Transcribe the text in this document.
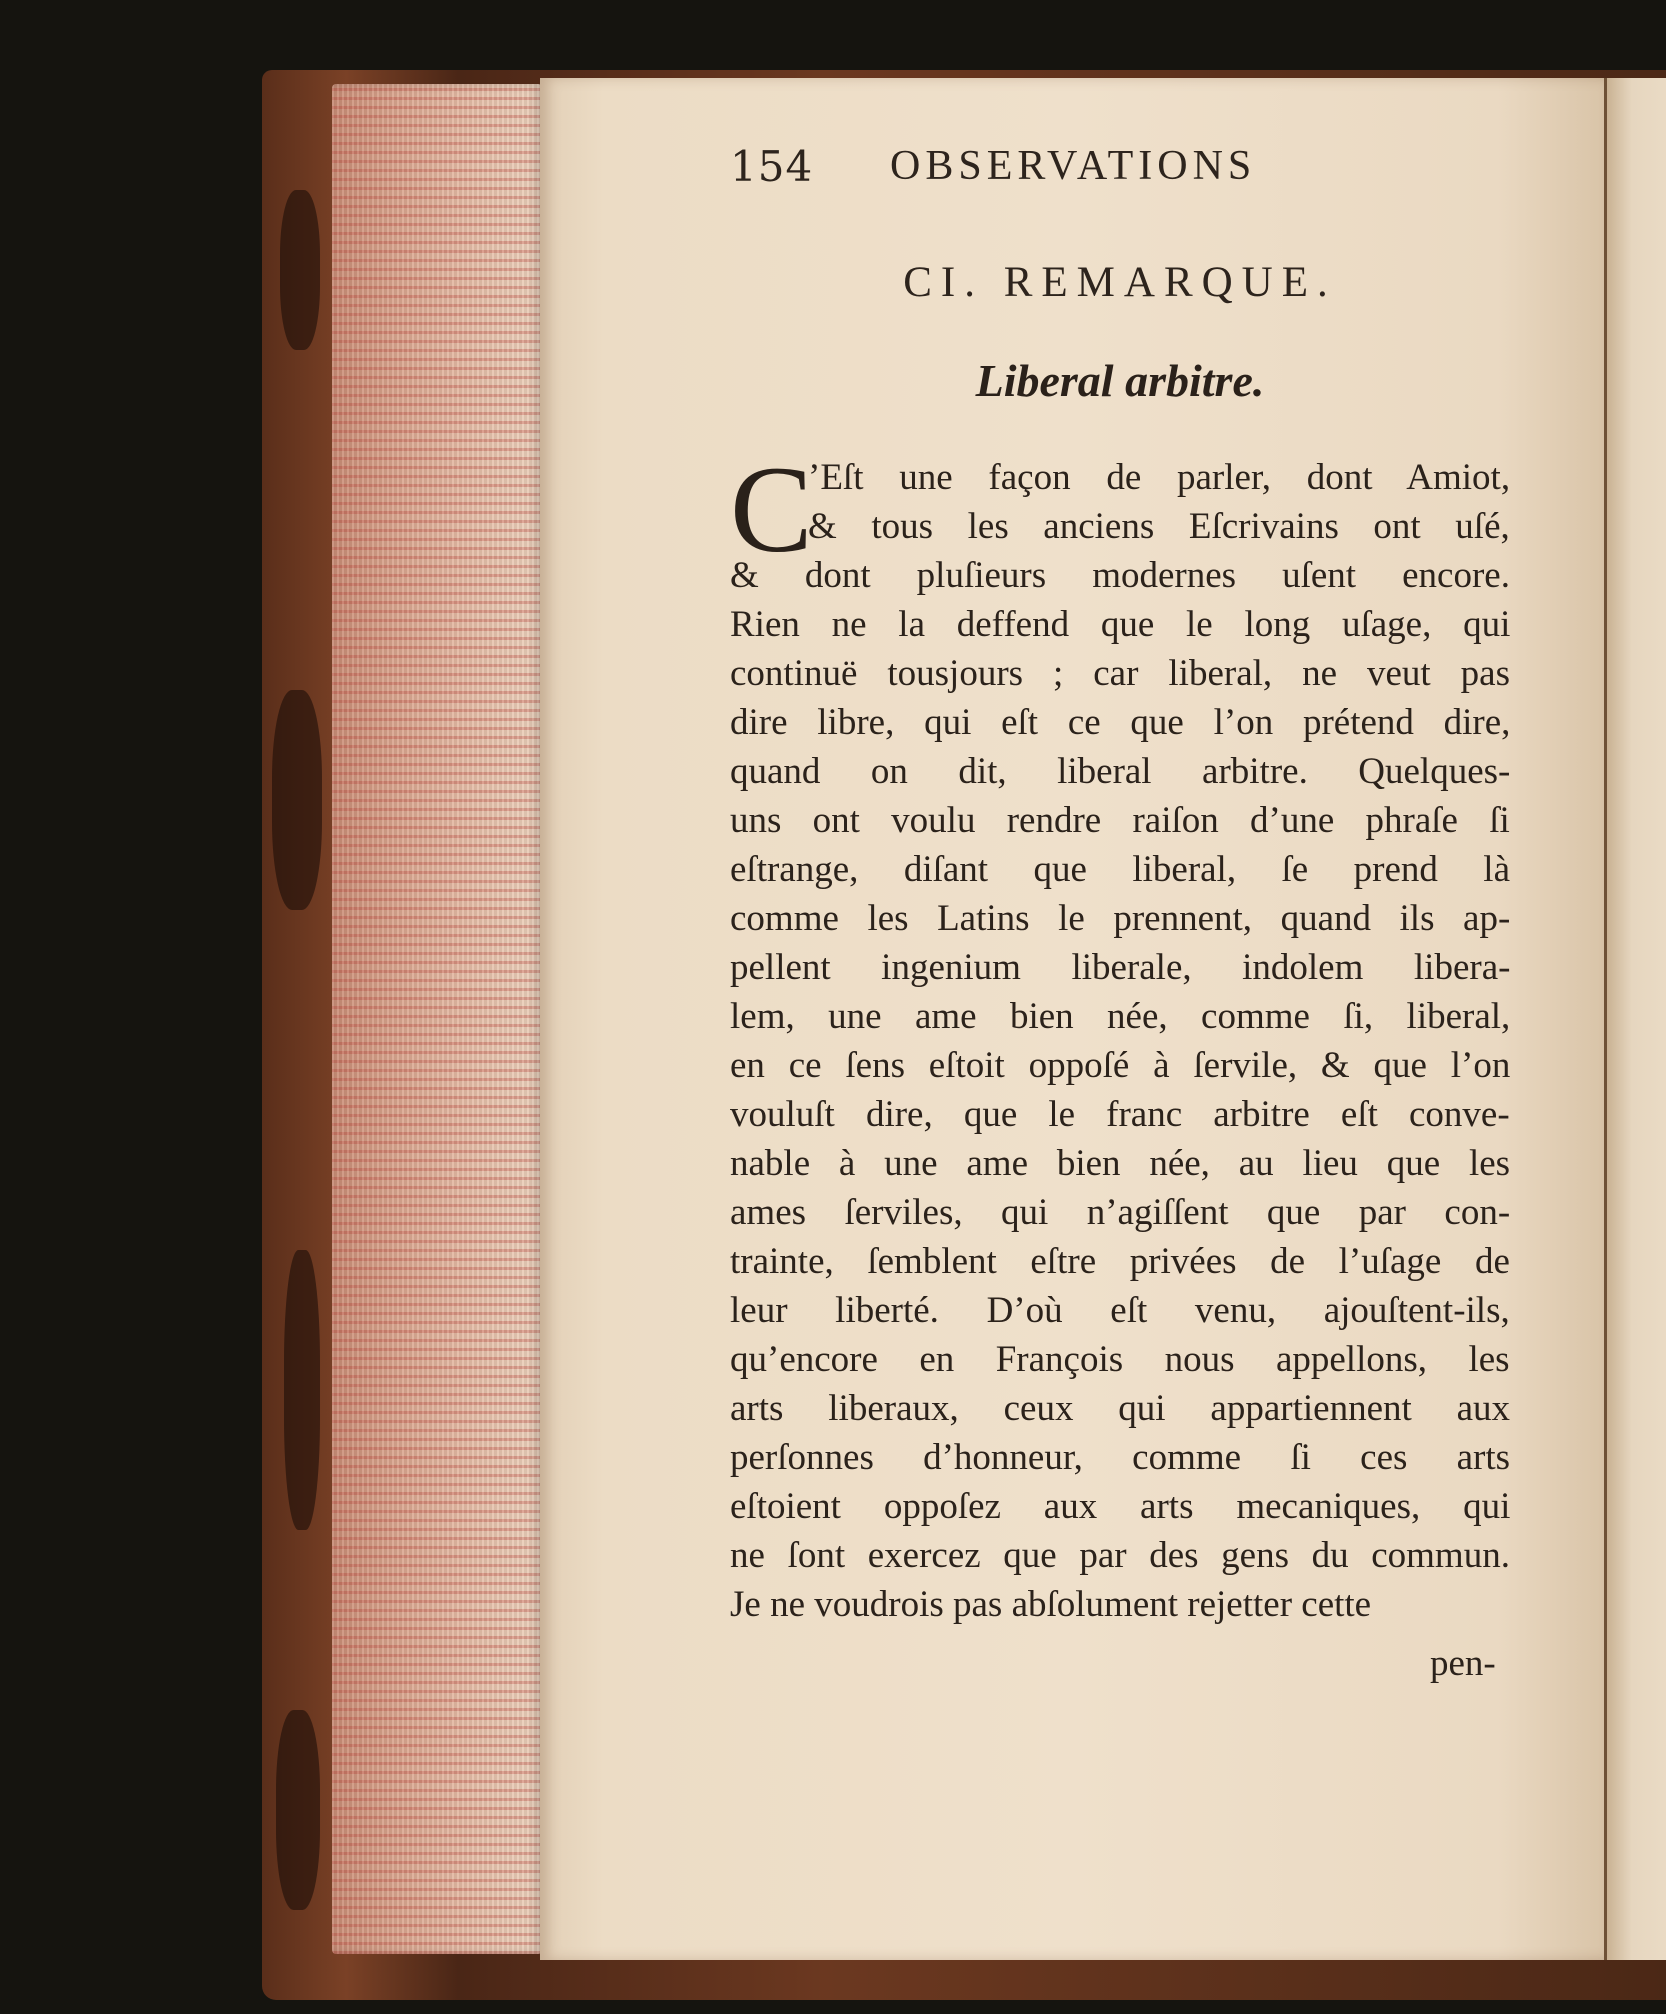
154 OBSERVATIONS
CI. REMARQUE.
Liberal arbitre.
C
’Eſt une façon de parler, dont Amiot,
& tous les anciens Eſcrivains ont uſé,
& dont pluſieurs modernes uſent encore.
Rien ne la deffend que le long uſage, qui
continuë tousjours ; car liberal, ne veut pas
dire libre, qui eſt ce que l’on prétend dire,
quand on dit, liberal arbitre. Quelques-
uns ont voulu rendre raiſon d’une phraſe ſi
eſtrange, diſant que liberal, ſe prend là
comme les Latins le prennent, quand ils ap-
pellent ingenium liberale, indolem libera-
lem, une ame bien née, comme ſi, liberal,
en ce ſens eſtoit oppoſé à ſervile, & que l’on
vouluſt dire, que le franc arbitre eſt conve-
nable à une ame bien née, au lieu que les
ames ſerviles, qui n’agiſſent que par con-
trainte, ſemblent eſtre privées de l’uſage de
leur liberté. D’où eſt venu, ajouſtent-ils,
qu’encore en François nous appellons, les
arts liberaux, ceux qui appartiennent aux
perſonnes d’honneur, comme ſi ces arts
eſtoient oppoſez aux arts mecaniques, qui
ne ſont exercez que par des gens du commun.
Je ne voudrois pas abſolument rejetter cette
pen-
